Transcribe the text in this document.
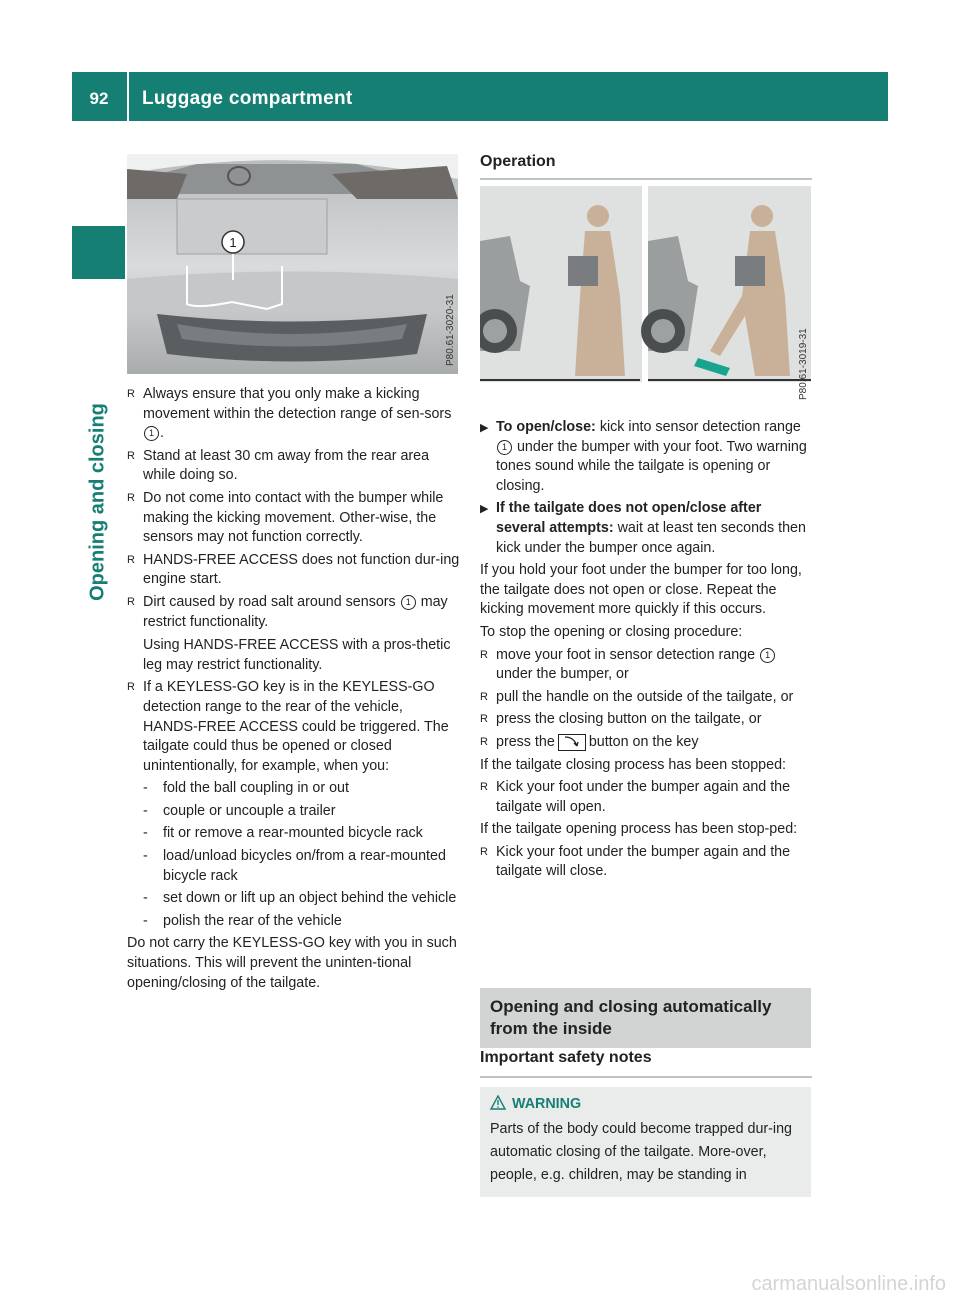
92	Luggage compartment
Opening and closing
1
P80.61-3020-31	P80.61-3019-31
R Always ensure that you only make a kicking movement within the detection range of sen-sors 1 .
R Stand at least 30 cm away from the rear area while doing so.
R Do not come into contact with the bumper while making the kicking movement. Other-wise, the sensors may not function correctly.
R HANDS-FREE ACCESS does not function dur-ing engine start.
R Dirt caused by road salt around sensors 1 may restrict functionality.
Using HANDS-FREE ACCESS with a pros-thetic leg may restrict functionality.
R If a KEYLESS-GO key is in the KEYLESS-GO detection range to the rear of the vehicle, HANDS-FREE ACCESS could be triggered. The tailgate could thus be opened or closed unintentionally, for example, when you:
- fold the ball coupling in or out
- couple or uncouple a trailer
- fit or remove a rear-mounted bicycle rack
- load/unload bicycles on/from a rear-mounted bicycle rack
- set down or lift up an object behind the vehicle
- polish the rear of the vehicle

Do not carry the KEYLESS-GO key with you in such situations. This will prevent the uninten-tional opening/closing of the tailgate.

Operation
▶ To open/close: kick into sensor detection range 1 under the bumper with your foot. Two warning tones sound while the tailgate is opening or closing.
▶ If the tailgate does not open/close after several attempts: wait at least ten seconds then kick under the bumper once again.

If you hold your foot under the bumper for too long, the tailgate does not open or close. Repeat the kicking movement more quickly if this occurs.

To stop the opening or closing procedure:

R move your foot in sensor detection range 1 under the bumper, or
R pull the handle on the outside of the tailgate, or
R press the closing button on the tailgate, or
R press the button on the key

If the tailgate closing process has been stopped:

R Kick your foot under the bumper again and the tailgate will open.

If the tailgate opening process has been stop-ped:

R Kick your foot under the bumper again and the tailgate will close.
Opening and closing automatically from the inside
Important safety notes
WARNING
Parts of the body could become trapped dur-ing automatic closing of the tailgate. More-over, people, e.g. children, may be standing in
carmanualsonline.info
